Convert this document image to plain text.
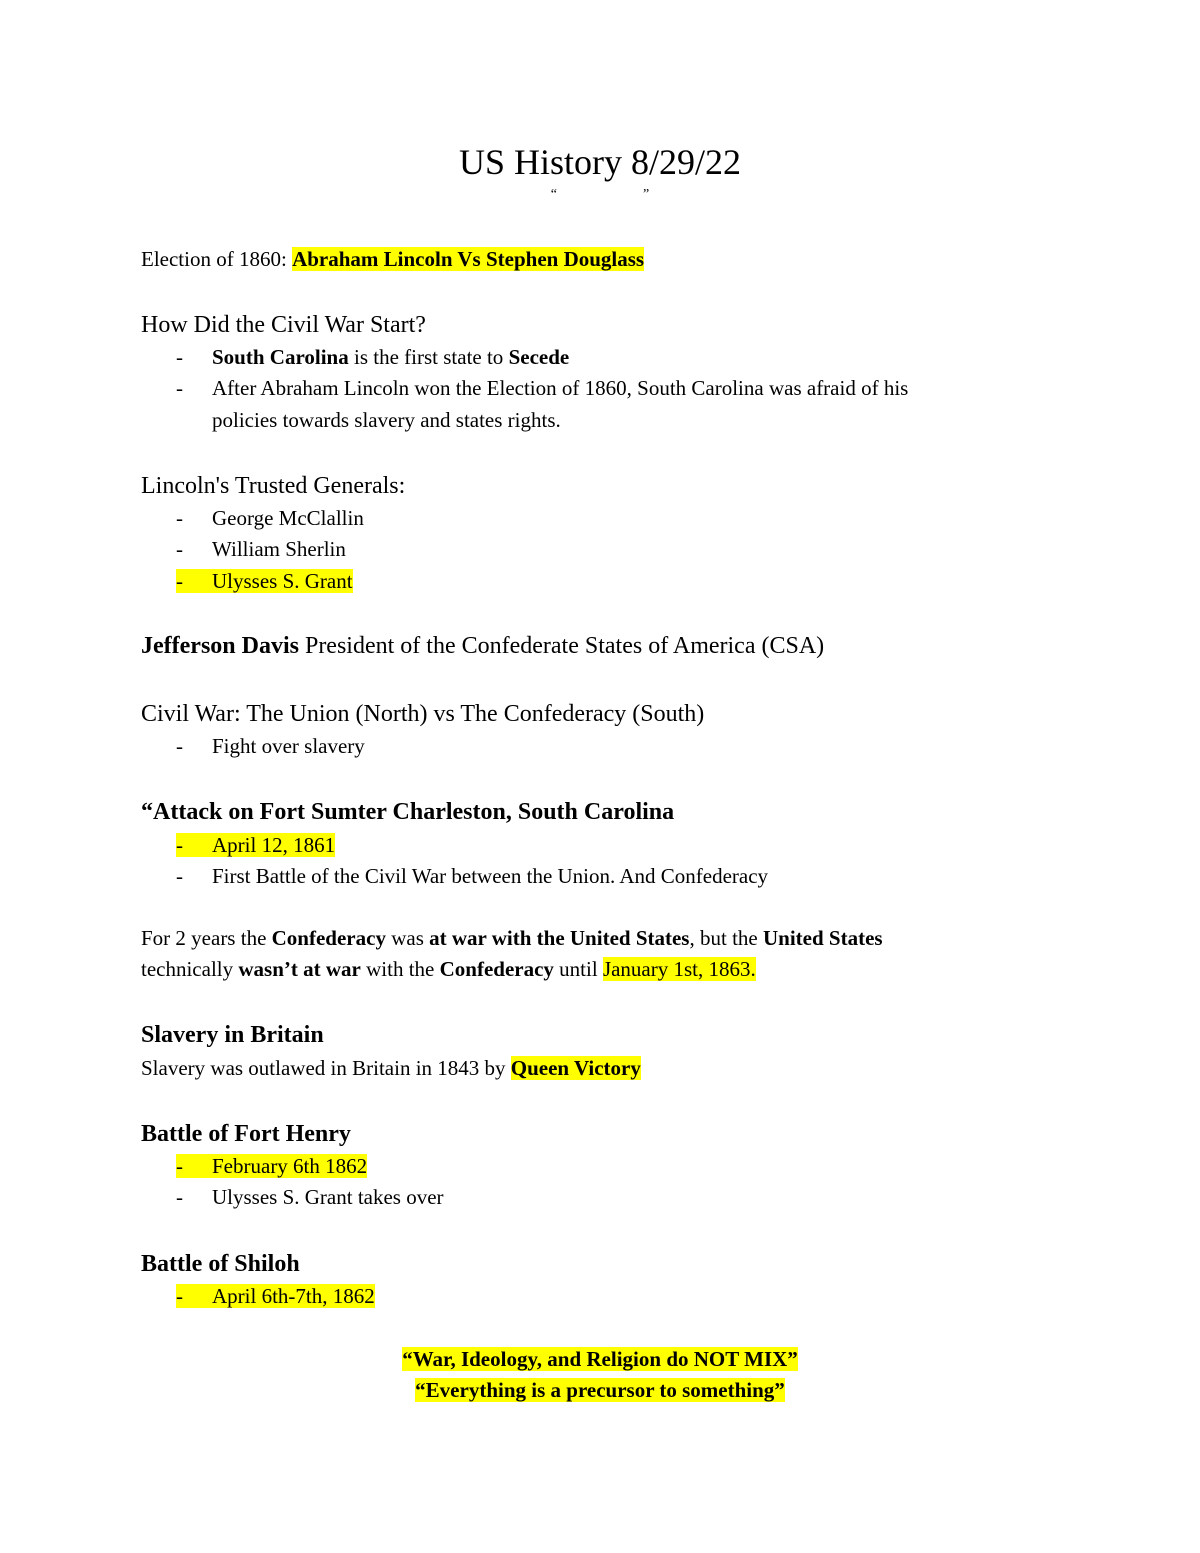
US History 8/29/22
“	”
Election of 1860: Abraham Lincoln Vs Stephen Douglass
How Did the Civil War Start?
- South Carolina is the first state to Secede
- After Abraham Lincoln won the Election of 1860, South Carolina was afraid of his
policies towards slavery and states rights.
Lincoln's Trusted Generals:
- George McClallin
- William Sherlin
- Ulysses S. Grant
Jefferson Davis President of the Confederate States of America (CSA)
Civil War: The Union (North) vs The Confederacy (South)
- Fight over slavery
“Attack on Fort Sumter Charleston, South Carolina
- April 12, 1861
- First Battle of the Civil War between the Union. And Confederacy
For 2 years the Confederacy was at war with the United States, but the United States
technically wasn’t at war with the Confederacy until January 1st, 1863.
Slavery in Britain
Slavery was outlawed in Britain in 1843 by Queen Victory
Battle of Fort Henry
- February 6th 1862
- Ulysses S. Grant takes over
Battle of Shiloh
- April 6th-7th, 1862
“War, Ideology, and Religion do NOT MIX”
“Everything is a precursor to something”
